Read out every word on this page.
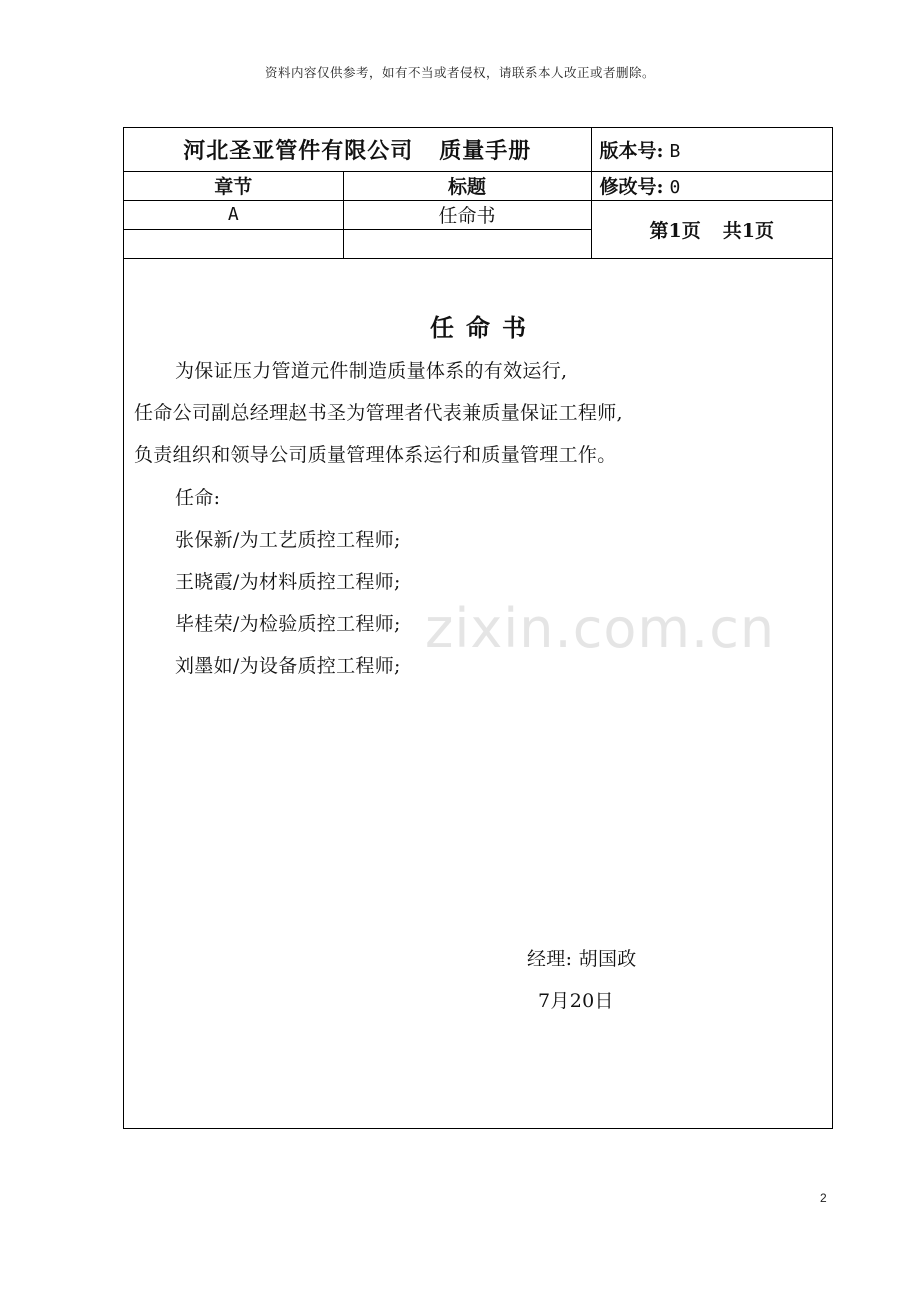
资料内容仅供参考，如有不当或者侵权，请联系本人改正或者删除。
河北圣亚管件有限公司 质量手册		版本号: B
章节	标题	修改号: 0
A	任命书	第1页 共1页

任命书
为保证压力管道元件制造质量体系的有效运行,
任命公司副总经理赵书圣为管理者代表兼质量保证工程师,
负责组织和领导公司质量管理体系运行和质量管理工作。
任命:
张保新/为工艺质控工程师;
王晓霞/为材料质控工程师;
毕桂荣/为检验质控工程师;
刘墨如/为设备质控工程师;
经理: 胡国政
7月20日
zixin.com.cn
2
